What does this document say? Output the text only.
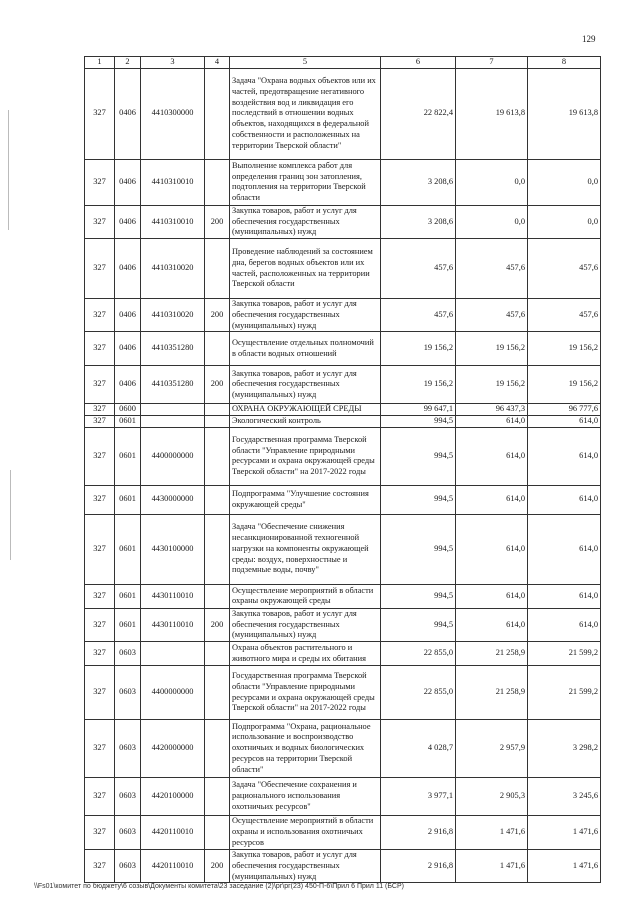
129
1	2	3	4	5	6	7	8
327	0406	4410300000		Задача "Охрана водных объектов или их частей, предотвращение негативного воздействия вод и ликвидация его последствий в отношении водных объектов, находящихся в федеральной собственности и расположенных на территории Тверской области"	22 822,4	19 613,8	19 613,8
327	0406	4410310010		Выполнение комплекса работ для определения границ зон затопления, подтопления на территории Тверской области	3 208,6	0,0	0,0
327	0406	4410310010	200	Закупка товаров, работ и услуг для обеспечения государственных (муниципальных) нужд	3 208,6	0,0	0,0
327	0406	4410310020		Проведение наблюдений за состоянием дна, берегов водных объектов или их частей, расположенных на территории Тверской области	457,6	457,6	457,6
327	0406	4410310020	200	Закупка товаров, работ и услуг для обеспечения государственных (муниципальных) нужд	457,6	457,6	457,6
327	0406	4410351280		Осуществление отдельных полномочий в области водных отношений	19 156,2	19 156,2	19 156,2
327	0406	4410351280	200	Закупка товаров, работ и услуг для обеспечения государственных (муниципальных) нужд	19 156,2	19 156,2	19 156,2
327	0600			ОХРАНА ОКРУЖАЮЩЕЙ СРЕДЫ	99 647,1	96 437,3	96 777,6
327	0601			Экологический контроль	994,5	614,0	614,0
327	0601	4400000000		Государственная программа Тверской области "Управление природными ресурсами и охрана окружающей среды Тверской области" на 2017-2022 годы	994,5	614,0	614,0
327	0601	4430000000		Подпрограмма "Улучшение состояния окружающей среды"	994,5	614,0	614,0
327	0601	4430100000		Задача "Обеспечение снижения несанкционированной техногенной нагрузки на компоненты окружающей среды: воздух, поверхностные и подземные воды, почву"	994,5	614,0	614,0
327	0601	4430110010		Осуществление мероприятий в области охраны окружающей среды	994,5	614,0	614,0
327	0601	4430110010	200	Закупка товаров, работ и услуг для обеспечения государственных (муниципальных) нужд	994,5	614,0	614,0
327	0603			Охрана объектов растительного и животного мира и среды их обитания	22 855,0	21 258,9	21 599,2
327	0603	4400000000		Государственная программа Тверской области "Управление природными ресурсами и охрана окружающей среды Тверской области" на 2017-2022 годы	22 855,0	21 258,9	21 599,2
327	0603	4420000000		Подпрограмма "Охрана, рациональное использование и воспроизводство охотничьих и водных биологических ресурсов на территории Тверской области"	4 028,7	2 957,9	3 298,2
327	0603	4420100000		Задача "Обеспечение сохранения и рационального использования охотничьих ресурсов"	3 977,1	2 905,3	3 245,6
327	0603	4420110010		Осуществление мероприятий в области охраны и использования охотничьих ресурсов	2 916,8	1 471,6	1 471,6
327	0603	4420110010	200	Закупка товаров, работ и услуг для обеспечения государственных (муниципальных) нужд	2 916,8	1 471,6	1 471,6
\\Fs01\комитет по бюджету\6 созыв\Документы комитета\23 заседание (2)\рг\рг(23) 450-П-6\Прил 6 Прил 11 (БСР)
